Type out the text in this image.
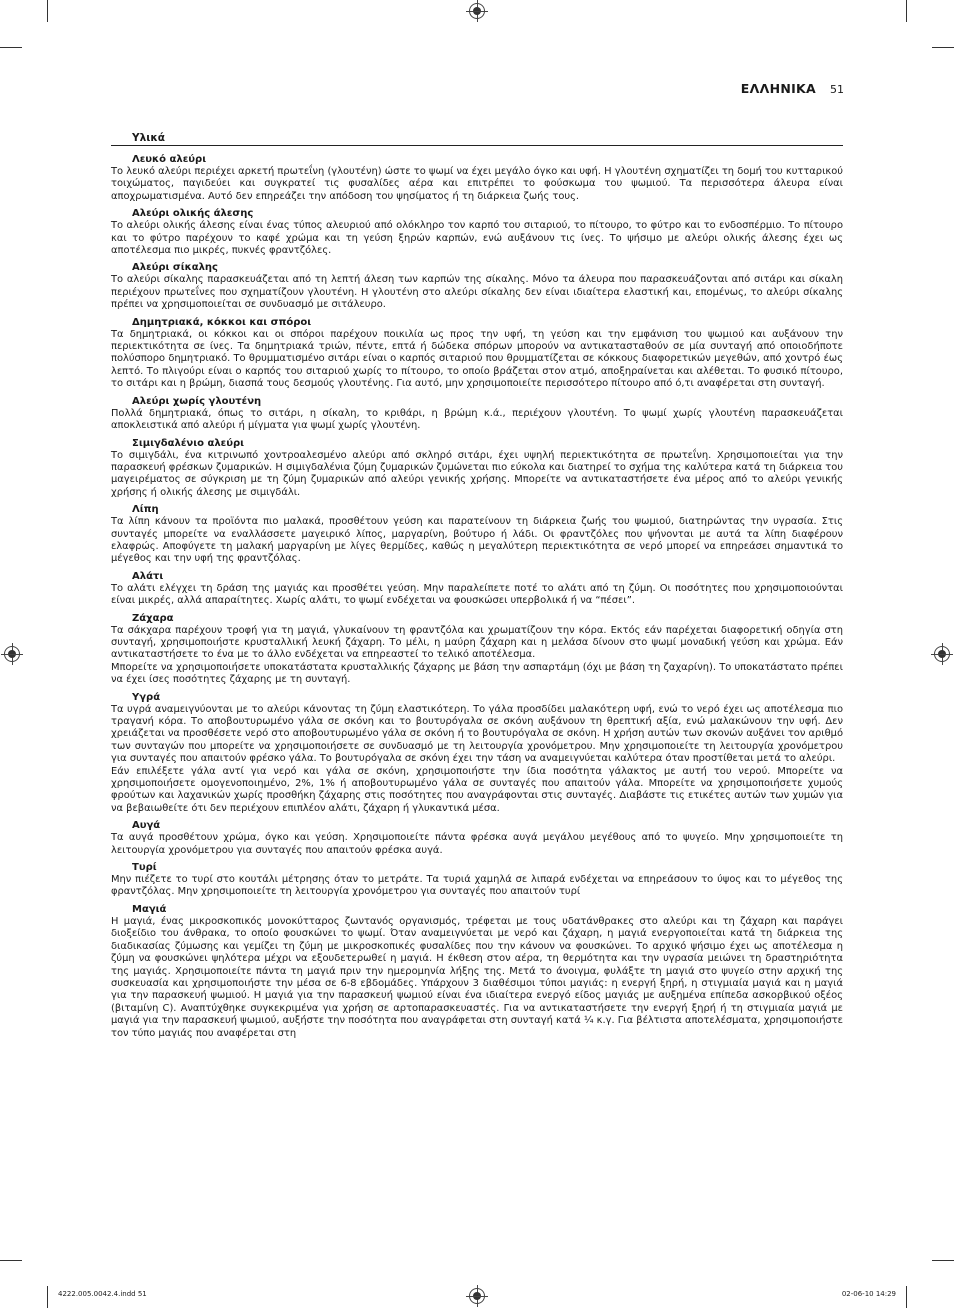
ΕΛΛΗΝΙΚΑ 51
Υλικά
Λευκό αλεύρι

Το λευκό αλεύρι περιέχει αρκετή πρωτεΐνη (γλουτένη) ώστε το ψωμί να έχει μεγάλο όγκο και υφή. Η γλουτένη σχηματίζει τη δομή του κυτταρικού τοιχώματος, παγιδεύει και συγκρατεί τις φυσαλίδες αέρα και επιτρέπει το φούσκωμα του ψωμιού. Τα περισσότερα άλευρα είναι αποχρωματισμένα. Αυτό δεν επηρεάζει την απόδοση του ψησίματος ή τη διάρκεια ζωής τους.

Αλεύρι ολικής άλεσης

Το αλεύρι ολικής άλεσης είναι ένας τύπος αλευριού από ολόκληρο τον καρπό του σιταριού, το πίτουρο, το φύτρο και το ενδοσπέρμιο. Το πίτουρο και το φύτρο παρέχουν το καφέ χρώμα και τη γεύση ξηρών καρπών, ενώ αυξάνουν τις ίνες. Το ψήσιμο με αλεύρι ολικής άλεσης έχει ως αποτέλεσμα πιο μικρές, πυκνές φραντζόλες.

Αλεύρι σίκαλης

Το αλεύρι σίκαλης παρασκευάζεται από τη λεπτή άλεση των καρπών της σίκαλης. Μόνο τα άλευρα που παρασκευάζονται από σιτάρι και σίκαλη περιέχουν πρωτεΐνες που σχηματίζουν γλουτένη. Η γλουτένη στο αλεύρι σίκαλης δεν είναι ιδιαίτερα ελαστική και, επομένως, το αλεύρι σίκαλης πρέπει να χρησιμοποιείται σε συνδυασμό με σιτάλευρο.

Δημητριακά, κόκκοι και σπόροι

Τα δημητριακά, οι κόκκοι και οι σπόροι παρέχουν ποικιλία ως προς την υφή, τη γεύση και την εμφάνιση του ψωμιού και αυξάνουν την περιεκτικότητα σε ίνες. Τα δημητριακά τριών, πέντε, επτά ή δώδεκα σπόρων μπορούν να αντικατασταθούν σε μία συνταγή από οποιοδήποτε πολύσπορο δημητριακό. Το θρυμματισμένο σιτάρι είναι ο καρπός σιταριού που θρυμματίζεται σε κόκκους διαφορετικών μεγεθών, από χοντρό έως λεπτό. Το πλιγούρι είναι ο καρπός του σιταριού χωρίς το πίτουρο, το οποίο βράζεται στον ατμό, αποξηραίνεται και αλέθεται. Το φυσικό πίτουρο, το σιτάρι και η βρώμη, διασπά τους δεσμούς γλουτένης. Για αυτό, μην χρησιμοποιείτε περισσότερο πίτουρο από ό,τι αναφέρεται στη συνταγή.

Αλεύρι χωρίς γλουτένη

Πολλά δημητριακά, όπως το σιτάρι, η σίκαλη, το κριθάρι, η βρώμη κ.ά., περιέχουν γλουτένη. Το ψωμί χωρίς γλουτένη παρασκευάζεται αποκλειστικά από αλεύρι ή μίγματα για ψωμί χωρίς γλουτένη.

Σιμιγδαλένιο αλεύρι

Το σιμιγδάλι, ένα κιτρινωπό χοντροαλεσμένο αλεύρι από σκληρό σιτάρι, έχει υψηλή περιεκτικότητα σε πρωτεΐνη. Χρησιμοποιείται για την παρασκευή φρέσκων ζυμαρικών. Η σιμιγδαλένια ζύμη ζυμαρικών ζυμώνεται πιο εύκολα και διατηρεί το σχήμα της καλύτερα κατά τη διάρκεια του μαγειρέματος σε σύγκριση με τη ζύμη ζυμαρικών από αλεύρι γενικής χρήσης. Μπορείτε να αντικαταστήσετε ένα μέρος από το αλεύρι γενικής χρήσης ή ολικής άλεσης με σιμιγδάλι.

Λίπη

Τα λίπη κάνουν τα προϊόντα πιο μαλακά, προσθέτουν γεύση και παρατείνουν τη διάρκεια ζωής του ψωμιού, διατηρώντας την υγρασία. Στις συνταγές μπορείτε να εναλλάσσετε μαγειρικό λίπος, μαργαρίνη, βούτυρο ή λάδι. Οι φραντζόλες που ψήνονται με αυτά τα λίπη διαφέρουν ελαφρώς. Αποφύγετε τη μαλακή μαργαρίνη με λίγες θερμίδες, καθώς η μεγαλύτερη περιεκτικότητα σε νερό μπορεί να επηρεάσει σημαντικά το μέγεθος και την υφή της φραντζόλας.

Αλάτι

Το αλάτι ελέγχει τη δράση της μαγιάς και προσθέτει γεύση. Μην παραλείπετε ποτέ το αλάτι από τη ζύμη. Οι ποσότητες που χρησιμοποιούνται είναι μικρές, αλλά απαραίτητες. Χωρίς αλάτι, το ψωμί ενδέχεται να φουσκώσει υπερβολικά ή να “πέσει”.

Ζάχαρα

Τα σάκχαρα παρέχουν τροφή για τη μαγιά, γλυκαίνουν τη φραντζόλα και χρωματίζουν την κόρα. Εκτός εάν παρέχεται διαφορετική οδηγία στη συνταγή, χρησιμοποιήστε κρυσταλλική λευκή ζάχαρη. Το μέλι, η μαύρη ζάχαρη και η μελάσα δίνουν στο ψωμί μοναδική γεύση και χρώμα. Εάν αντικαταστήσετε το ένα με το άλλο ενδέχεται να επηρεαστεί το τελικό αποτέλεσμα.

Μπορείτε να χρησιμοποιήσετε υποκατάστατα κρυσταλλικής ζάχαρης με βάση την ασπαρτάμη (όχι με βάση τη ζαχαρίνη). Το υποκατάστατο πρέπει να έχει ίσες ποσότητες ζάχαρης με τη συνταγή.

Υγρά

Τα υγρά αναμειγνύονται με το αλεύρι κάνοντας τη ζύμη ελαστικότερη. Το γάλα προσδίδει μαλακότερη υφή, ενώ το νερό έχει ως αποτέλεσμα πιο τραγανή κόρα. Το αποβουτυρωμένο γάλα σε σκόνη και το βουτυρόγαλα σε σκόνη αυξάνουν τη θρεπτική αξία, ενώ μαλακώνουν την υφή. Δεν χρειάζεται να προσθέσετε νερό στο αποβουτυρωμένο γάλα σε σκόνη ή το βουτυρόγαλα σε σκόνη. Η χρήση αυτών των σκονών αυξάνει τον αριθμό των συνταγών που μπορείτε να χρησιμοποιήσετε σε συνδυασμό με τη λειτουργία χρονόμετρου. Μην χρησιμοποιείτε τη λειτουργία χρονόμετρου για συνταγές που απαιτούν φρέσκο γάλα. Το βουτυρόγαλα σε σκόνη έχει την τάση να αναμειγνύεται καλύτερα όταν προστίθεται μετά το αλεύρι.

Εάν επιλέξετε γάλα αντί για νερό και γάλα σε σκόνη, χρησιμοποιήστε την ίδια ποσότητα γάλακτος με αυτή του νερού. Μπορείτε να χρησιμοποιήσετε ομογενοποιημένο, 2%, 1% ή αποβουτυρωμένο γάλα σε συνταγές που απαιτούν γάλα. Μπορείτε να χρησιμοποιήσετε χυμούς φρούτων και λαχανικών χωρίς προσθήκη ζάχαρης στις ποσότητες που αναγράφονται στις συνταγές. Διαβάστε τις ετικέτες αυτών των χυμών για να βεβαιωθείτε ότι δεν περιέχουν επιπλέον αλάτι, ζάχαρη ή γλυκαντικά μέσα.

Αυγά

Τα αυγά προσθέτουν χρώμα, όγκο και γεύση. Χρησιμοποιείτε πάντα φρέσκα αυγά μεγάλου μεγέθους από το ψυγείο. Μην χρησιμοποιείτε τη λειτουργία χρονόμετρου για συνταγές που απαιτούν φρέσκα αυγά.

Τυρί

Μην πιέζετε το τυρί στο κουτάλι μέτρησης όταν το μετράτε. Τα τυριά χαμηλά σε λιπαρά ενδέχεται να επηρεάσουν το ύψος και το μέγεθος της φραντζόλας. Μην χρησιμοποιείτε τη λειτουργία χρονόμετρου για συνταγές που απαιτούν τυρί

Μαγιά

Η μαγιά, ένας μικροσκοπικός μονοκύτταρος ζωντανός οργανισμός, τρέφεται με τους υδατάνθρακες στο αλεύρι και τη ζάχαρη και παράγει διοξείδιο του άνθρακα, το οποίο φουσκώνει το ψωμί. Όταν αναμειγνύεται με νερό και ζάχαρη, η μαγιά ενεργοποιείται κατά τη διάρκεια της διαδικασίας ζύμωσης και γεμίζει τη ζύμη με μικροσκοπικές φυσαλίδες που την κάνουν να φουσκώνει. Το αρχικό ψήσιμο έχει ως αποτέλεσμα η ζύμη να φουσκώνει ψηλότερα μέχρι να εξουδετερωθεί η μαγιά. Η έκθεση στον αέρα, τη θερμότητα και την υγρασία μειώνει τη δραστηριότητα της μαγιάς. Χρησιμοποιείτε πάντα τη μαγιά πριν την ημερομηνία λήξης της. Μετά το άνοιγμα, φυλάξτε τη μαγιά στο ψυγείο στην αρχική της συσκευασία και χρησιμοποιήστε την μέσα σε 6-8 εβδομάδες. Υπάρχουν 3 διαθέσιμοι τύποι μαγιάς: η ενεργή ξηρή, η στιγμιαία μαγιά και η μαγιά για την παρασκευή ψωμιού. Η μαγιά για την παρασκευή ψωμιού είναι ένα ιδιαίτερα ενεργό είδος μαγιάς με αυξημένα επίπεδα ασκορβικού οξέος (βιταμίνη C). Αναπτύχθηκε συγκεκριμένα για χρήση σε αρτοπαρασκευαστές. Για να αντικαταστήσετε την ενεργή ξηρή ή τη στιγμιαία μαγιά με μαγιά για την παρασκευή ψωμιού, αυξήστε την ποσότητα που αναγράφεται στη συνταγή κατά ¼ κ.γ. Για βέλτιστα αποτελέσματα, χρησιμοποιήστε τον τύπο μαγιάς που αναφέρεται στη

4222.005.0042.4.indd 51	02-06-10 14:29
